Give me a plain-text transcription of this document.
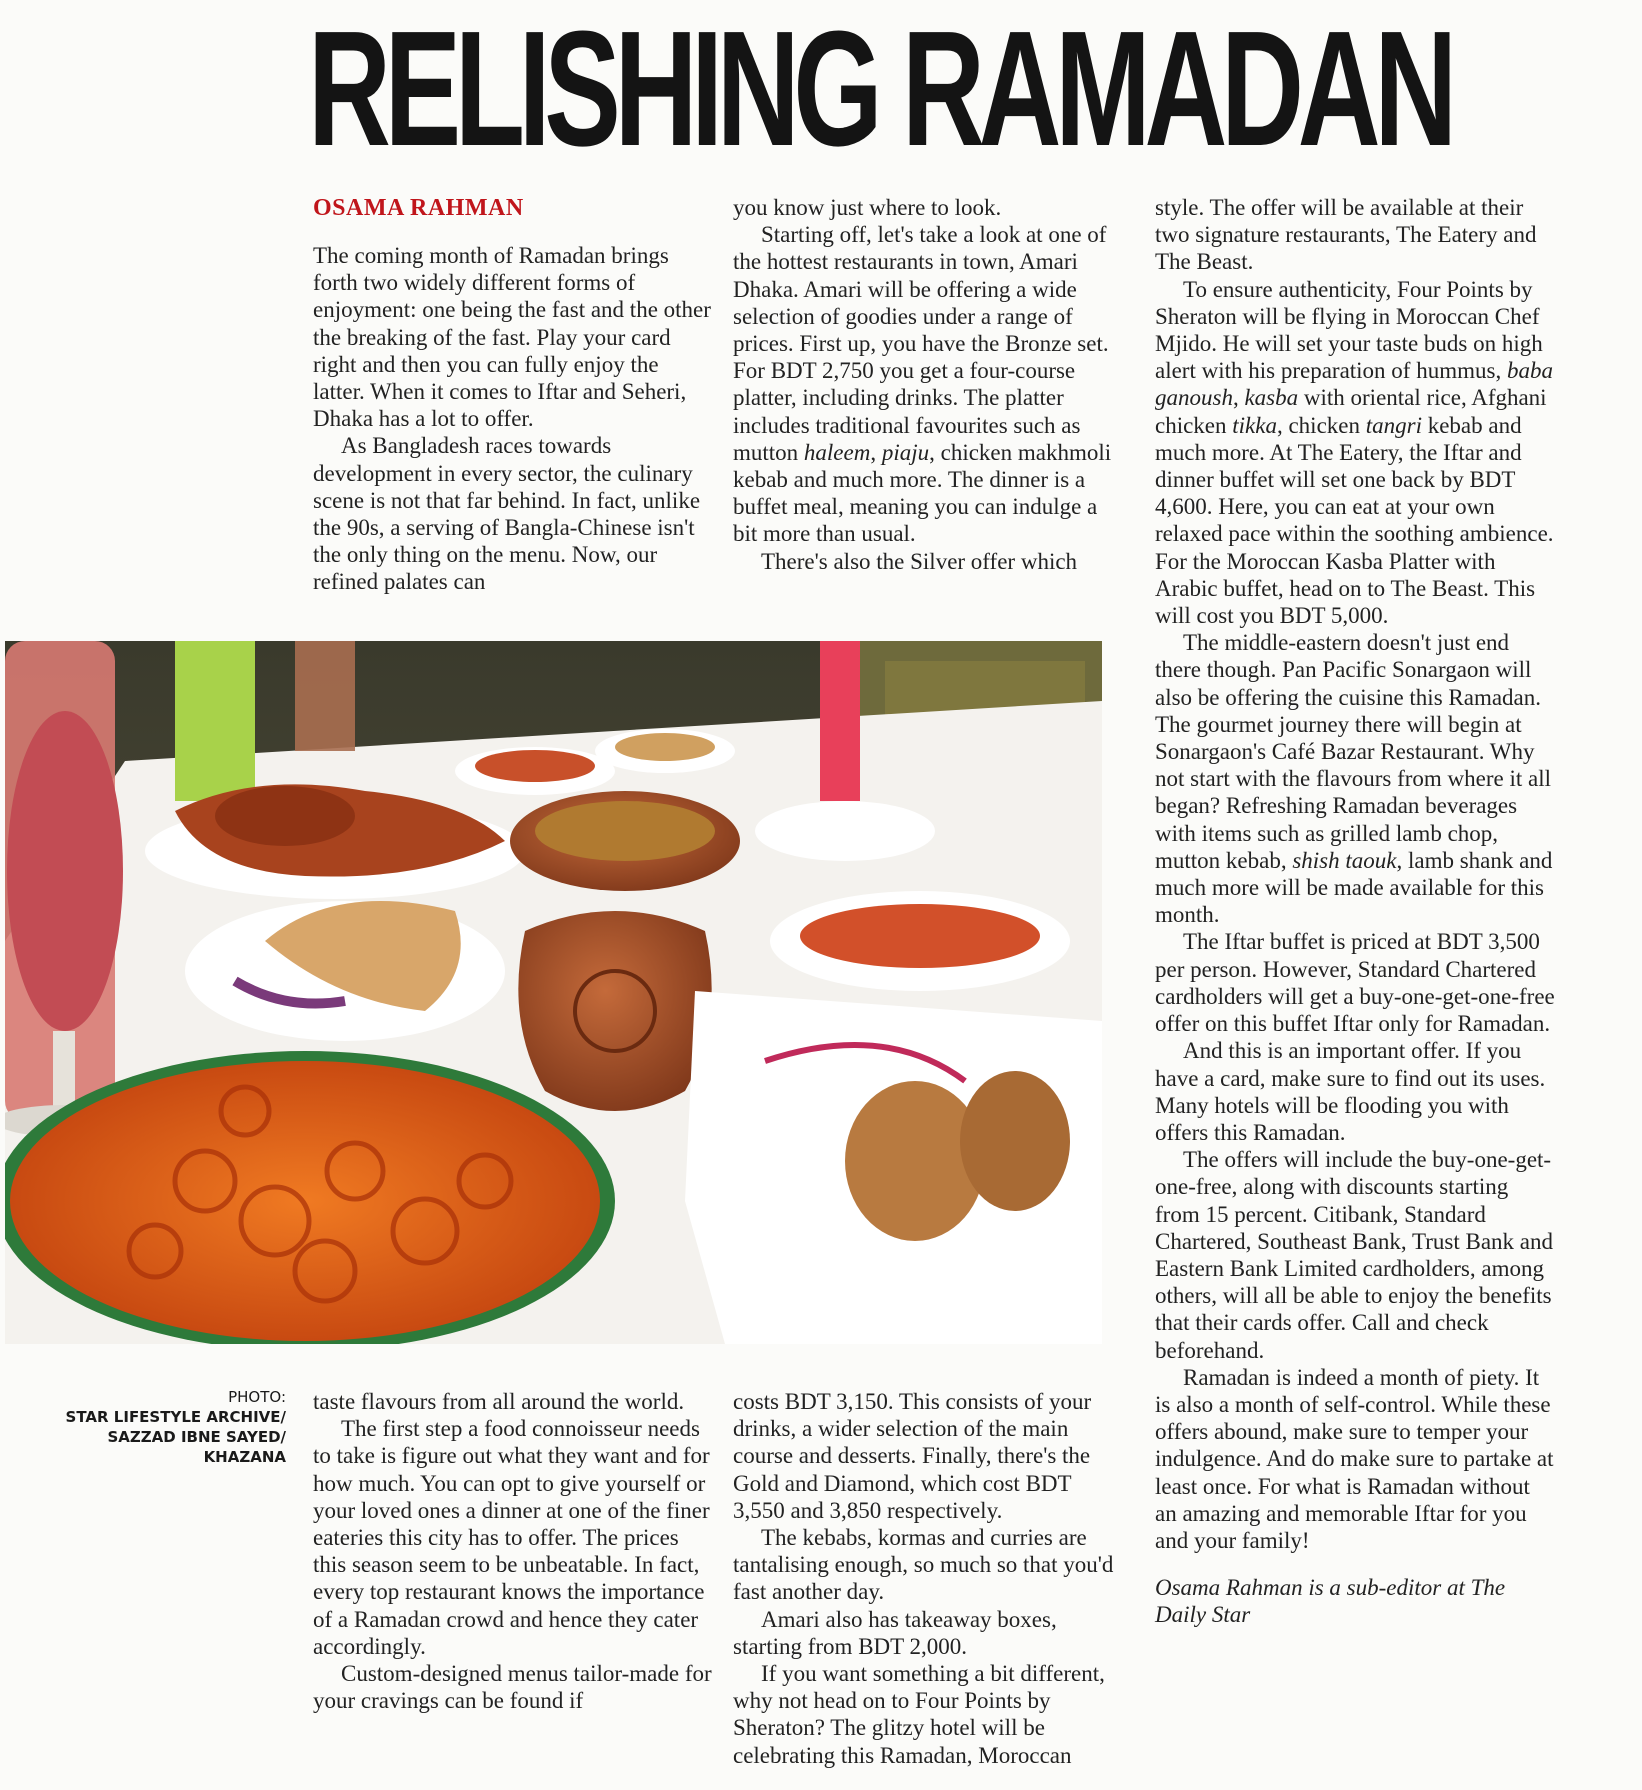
RELISHING RAMADAN
OSAMA RAHMAN

The coming month of Ramadan brings forth two widely different forms of enjoyment: one being the fast and the other the breaking of the fast. Play your card right and then you can fully enjoy the latter. When it comes to Iftar and Seheri, Dhaka has a lot to offer.

As Bangladesh races towards development in every sector, the culinary scene is not that far behind. In fact, unlike the 90s, a serving of Bangla-Chinese isn't the only thing on the menu. Now, our refined palates can

you know just where to look.

Starting off, let's take a look at one of the hottest restaurants in town, Amari Dhaka. Amari will be offering a wide selection of goodies under a range of prices. First up, you have the Bronze set. For BDT 2,750 you get a four-course platter, including drinks. The platter includes traditional favourites such as mutton haleem, piaju, chicken makhmoli kebab and much more. The dinner is a buffet meal, meaning you can indulge a bit more than usual.

There's also the Silver offer which

style. The offer will be available at their two signature restaurants, The Eatery and The Beast.

To ensure authenticity, Four Points by Sheraton will be flying in Moroccan Chef Mjido. He will set your taste buds on high alert with his preparation of hummus, baba ganoush, kasba with oriental rice, Afghani chicken tikka, chicken tangri kebab and much more. At The Eatery, the Iftar and dinner buffet will set one back by BDT 4,600. Here, you can eat at your own relaxed pace within the soothing ambience. For the Moroccan Kasba Platter with Arabic buffet, head on to The Beast. This will cost you BDT 5,000.

The middle-eastern doesn't just end there though. Pan Pacific Sonargaon will also be offering the cuisine this Ramadan. The gourmet journey there will begin at Sonargaon's Café Bazar Restaurant. Why not start with the flavours from where it all began? Refreshing Ramadan beverages with items such as grilled lamb chop, mutton kebab, shish taouk, lamb shank and much more will be made available for this month.

The Iftar buffet is priced at BDT 3,500 per person. However, Standard Chartered cardholders will get a buy-one-get-one-free offer on this buffet Iftar only for Ramadan.

And this is an important offer. If you have a card, make sure to find out its uses. Many hotels will be flooding you with offers this Ramadan.

The offers will include the buy-one-get-one-free, along with discounts starting from 15 percent. Citibank, Standard Chartered, Southeast Bank, Trust Bank and Eastern Bank Limited cardholders, among others, will all be able to enjoy the benefits that their cards offer. Call and check beforehand.

Ramadan is indeed a month of piety. It is also a month of self-control. While these offers abound, make sure to temper your indulgence. And do make sure to partake at least once. For what is Ramadan without an amazing and memorable Iftar for you and your family!

Osama Rahman is a sub-editor at The Daily Star

PHOTO:
STAR LIFESTYLE ARCHIVE/
SAZZAD IBNE SAYED/
KHAZANA

taste flavours from all around the world.

The first step a food connoisseur needs to take is figure out what they want and for how much. You can opt to give yourself or your loved ones a dinner at one of the finer eateries this city has to offer. The prices this season seem to be unbeatable. In fact, every top restaurant knows the importance of a Ramadan crowd and hence they cater accordingly.

Custom-designed menus tailor-made for your cravings can be found if

costs BDT 3,150. This consists of your drinks, a wider selection of the main course and desserts. Finally, there's the Gold and Diamond, which cost BDT 3,550 and 3,850 respectively.

The kebabs, kormas and curries are tantalising enough, so much so that you'd fast another day.

Amari also has takeaway boxes, starting from BDT 2,000.

If you want something a bit different, why not head on to Four Points by Sheraton? The glitzy hotel will be celebrating this Ramadan, Moroccan
